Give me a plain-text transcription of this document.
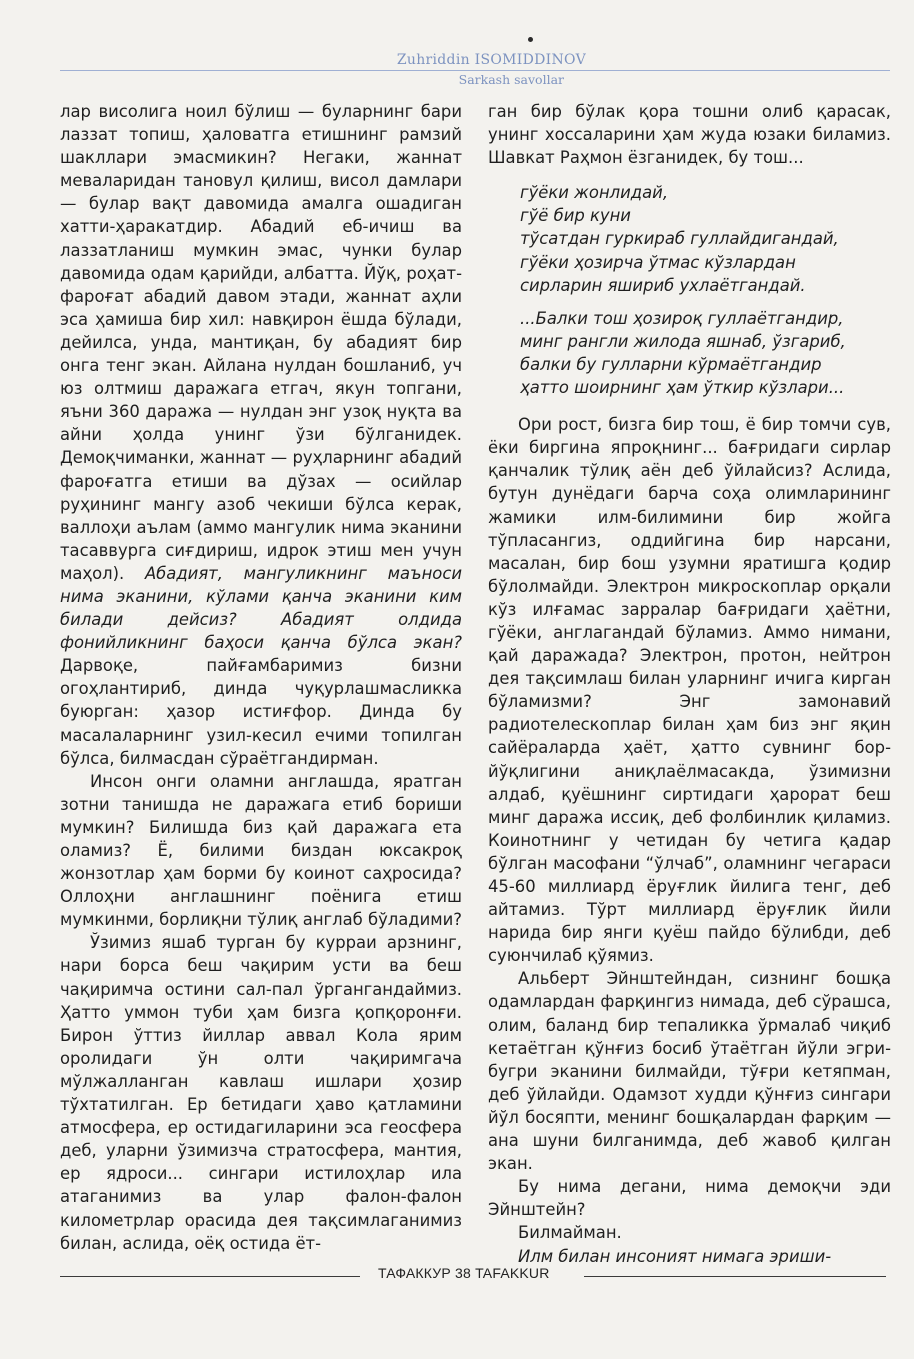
Zuhriddin ISOMIDDINOV
Sarkash savollar

лар висолига ноил бўлиш — буларнинг бари лаззат топиш, ҳаловатга етишнинг рамзий шакллари эмасмикин? Негаки, жаннат меваларидан тановул қилиш, висол дамлари — булар вақт давомида амалга ошадиган хатти-ҳаракатдир. Абадий еб-ичиш ва лаззатланиш мумкин эмас, чунки булар давомида одам қарийди, албатта. Йўқ, роҳат-фароғат абадий давом этади, жаннат аҳли эса ҳамиша бир хил: навқирон ёшда бўлади, дейилса, унда, мантиқан, бу абадият бир онга тенг экан. Айлана нулдан бошланиб, уч юз олтмиш даражага етгач, якун топгани, яъни 360 даража — нулдан энг узоқ нуқта ва айни ҳолда унинг ўзи бўлганидек. Демоқчиманки, жаннат — руҳларнинг абадий фароғатга етиши ва дўзах — осийлар руҳининг мангу азоб чекиши бўлса керак, валлоҳи аълам (аммо мангулик нима эканини тасаввурга сиғдириш, идрок этиш мен учун маҳол). Абадият, мангуликнинг маъноси нима эканини, кўлами қанча эканини ким билади дейсиз? Абадият олдида фонийликнинг баҳоси қанча бўлса экан? Дарвоқе, пайғамбаримиз бизни огоҳлантириб, динда чуқурлашмасликка буюрган: ҳазор истиғфор. Динда бу масалаларнинг узил-кесил ечими топилган бўлса, билмасдан сўраётгандирман.

Инсон онги оламни англашда, яратган зотни танишда не даражага етиб бориши мумкин? Билишда биз қай даражага ета оламиз? Ё, билими биздан юксакроқ жонзотлар ҳам борми бу коинот саҳросида? Оллоҳни англашнинг поёнига етиш мумкинми, борлиқни тўлиқ англаб бўладими?

Ўзимиз яшаб турган бу курраи арзнинг, нари борса беш чақирим усти ва беш чақиримча остини сал-пал ўргангандаймиз. Ҳатто уммон туби ҳам бизга қопқоронғи. Бирон ўттиз йиллар аввал Кола ярим оролидаги ўн олти чақиримгача мўлжалланган кавлаш ишлари ҳозир тўхтатилган. Ер бетидаги ҳаво қатламини атмосфера, ер остидагиларини эса геосфера деб, уларни ўзимизча стратосфера, мантия, ер ядроси... сингари истилоҳлар ила атаганимиз ва улар фалон-фалон километрлар орасида дея тақсимлаганимиз билан, аслида, оёқ остида ёт-

ган бир бўлак қора тошни олиб қарасак, унинг хоссаларини ҳам жуда юзаки биламиз. Шавкат Раҳмон ёзганидек, бу тош...

гўёки жонлидай,
гўё бир куни
тўсатдан гуркираб гуллайдигандай,
гўёки ҳозирча ўтмас кўзлардан
сирларин яшириб ухлаётгандай.
...Балки тош ҳозироқ гуллаётгандир,
минг рангли жилода яшнаб, ўзгариб,
балки бу гулларни кўрмаётгандир
ҳатто шоирнинг ҳам ўткир кўзлари...

Ори рост, бизга бир тош, ё бир томчи сув, ёки биргина япроқнинг... бағридаги сирлар қанчалик тўлиқ аён деб ўйлайсиз? Аслида, бутун дунёдаги барча соҳа олимларининг жамики илм-билимини бир жойга тўпласангиз, оддийгина бир нарсани, масалан, бир бош узумни яратишга қодир бўлолмайди. Электрон микроскоплар орқали кўз илғамас зарралар бағридаги ҳаётни, гўёки, англагандай бўламиз. Аммо нимани, қай даражада? Электрон, протон, нейтрон дея тақсимлаш билан уларнинг ичига кирган бўламизми? Энг замонавий радиотелескоплар билан ҳам биз энг яқин сайёраларда ҳаёт, ҳатто сувнинг бор-йўқлигини аниқлаёлмасакда, ўзимизни алдаб, қуёшнинг сиртидаги ҳарорат беш минг даража иссиқ, деб фолбинлик қиламиз. Коинотнинг у четидан бу четига қадар бўлган масофани “ўлчаб”, оламнинг чегараси 45-60 миллиард ёруғлик йилига тенг, деб айтамиз. Тўрт миллиард ёруғлик йили нарида бир янги қуёш пайдо бўлибди, деб суюнчилаб қўямиз.

Альберт Эйнштейндан, сизнинг бошқа одамлардан фарқингиз нимада, деб сўрашса, олим, баланд бир тепаликка ўрмалаб чиқиб кетаётган қўнғиз босиб ўтаётган йўли эгри-бугри эканини билмайди, тўғри кетяпман, деб ўйлайди. Одамзот худди қўнғиз сингари йўл босяпти, менинг бошқалардан фарқим — ана шуни билганимда, деб жавоб қилган экан.

Бу нима дегани, нима демоқчи эди Эйнштейн?

Билмайман.

Илм билан инсоният нимага эриши-

ТАФАККУР 38 TAFAKKUR
